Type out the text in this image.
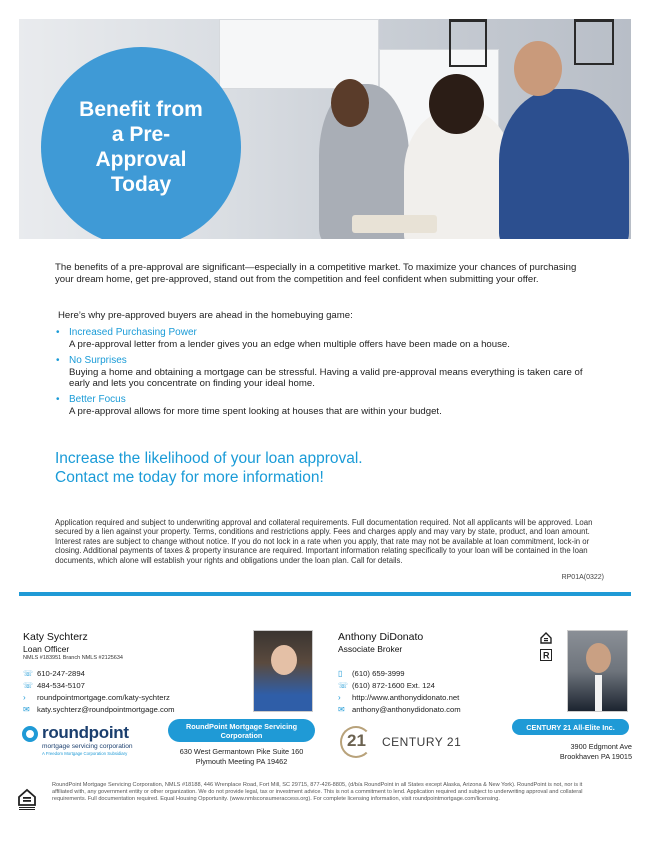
Benefit from a Pre-Approval Today

The benefits of a pre-approval are significant—especially in a competitive market. To maximize your chances of purchasing your dream home, get pre-approved, stand out from the competition and feel confident when submitting your offer.

Here’s why pre-approved buyers are ahead in the homebuying game:

• Increased Purchasing Power
A pre-approval letter from a lender gives you an edge when multiple offers have been made on a house.
• No Surprises
Buying a home and obtaining a mortgage can be stressful. Having a valid pre-approval means everything is taken care of early and lets you concentrate on finding your ideal home.
• Better Focus
A pre-approval allows for more time spent looking at houses that are within your budget.
Increase the likelihood of your loan approval.
Contact me today for more information!

Application required and subject to underwriting approval and collateral requirements. Full documentation required. Not all applicants will be approved. Loan secured by a lien against your property. Terms, conditions and restrictions apply. Fees and charges apply and may vary by state, product, and loan amount. Interest rates are subject to change without notice. If you do not lock in a rate when you apply, that rate may not be available at loan commitment, lock-in or closing. Additional payments of taxes & property insurance are required. Important information relating specifically to your loan will be contained in the loan documents, which alone will establish your rights and obligations under the loan plan. Call for details.

RP01A(0322)
Katy Sychterz
Loan Officer
NMLS #183951 Branch NMLS #2125634
☏ 610-247-2894
☏ 484-534-5107
› roundpointmortgage.com/katy-sychterz
✉ katy.sychterz@roundpointmortgage.com
roundpoint
mortgage servicing corporation
A Freedom Mortgage Corporation Subsidiary
RoundPoint Mortgage Servicing Corporation
630 West Germantown Pike Suite 160
Plymouth Meeting PA 19462
Anthony DiDonato
Associate Broker
▯ (610) 659-3999
☏ (610) 872-1600 Ext. 124
› http://www.anthonydidonato.net
✉ anthony@anthonydidonato.com
R
21 CENTURY 21
CENTURY 21 All-Elite Inc.
3900 Edgmont Ave
Brookhaven PA 19015

RoundPoint Mortgage Servicing Corporation, NMLS #18188, 446 Wrenplace Road, Fort Mill, SC 29715, 877-426-8805, (d/b/a RoundPoint in all States except Alaska, Arizona & New York). RoundPoint is not, nor is it affiliated with, any government entity or other organization. We do not provide legal, tax or investment advice. This is not a commitment to lend. Application required and subject to underwriting approval and collateral requirements. Full documentation required. Equal Housing Opportunity. (www.nmlsconsumeraccess.org). For complete licensing information, visit roundpointmortgage.com/licensing.
